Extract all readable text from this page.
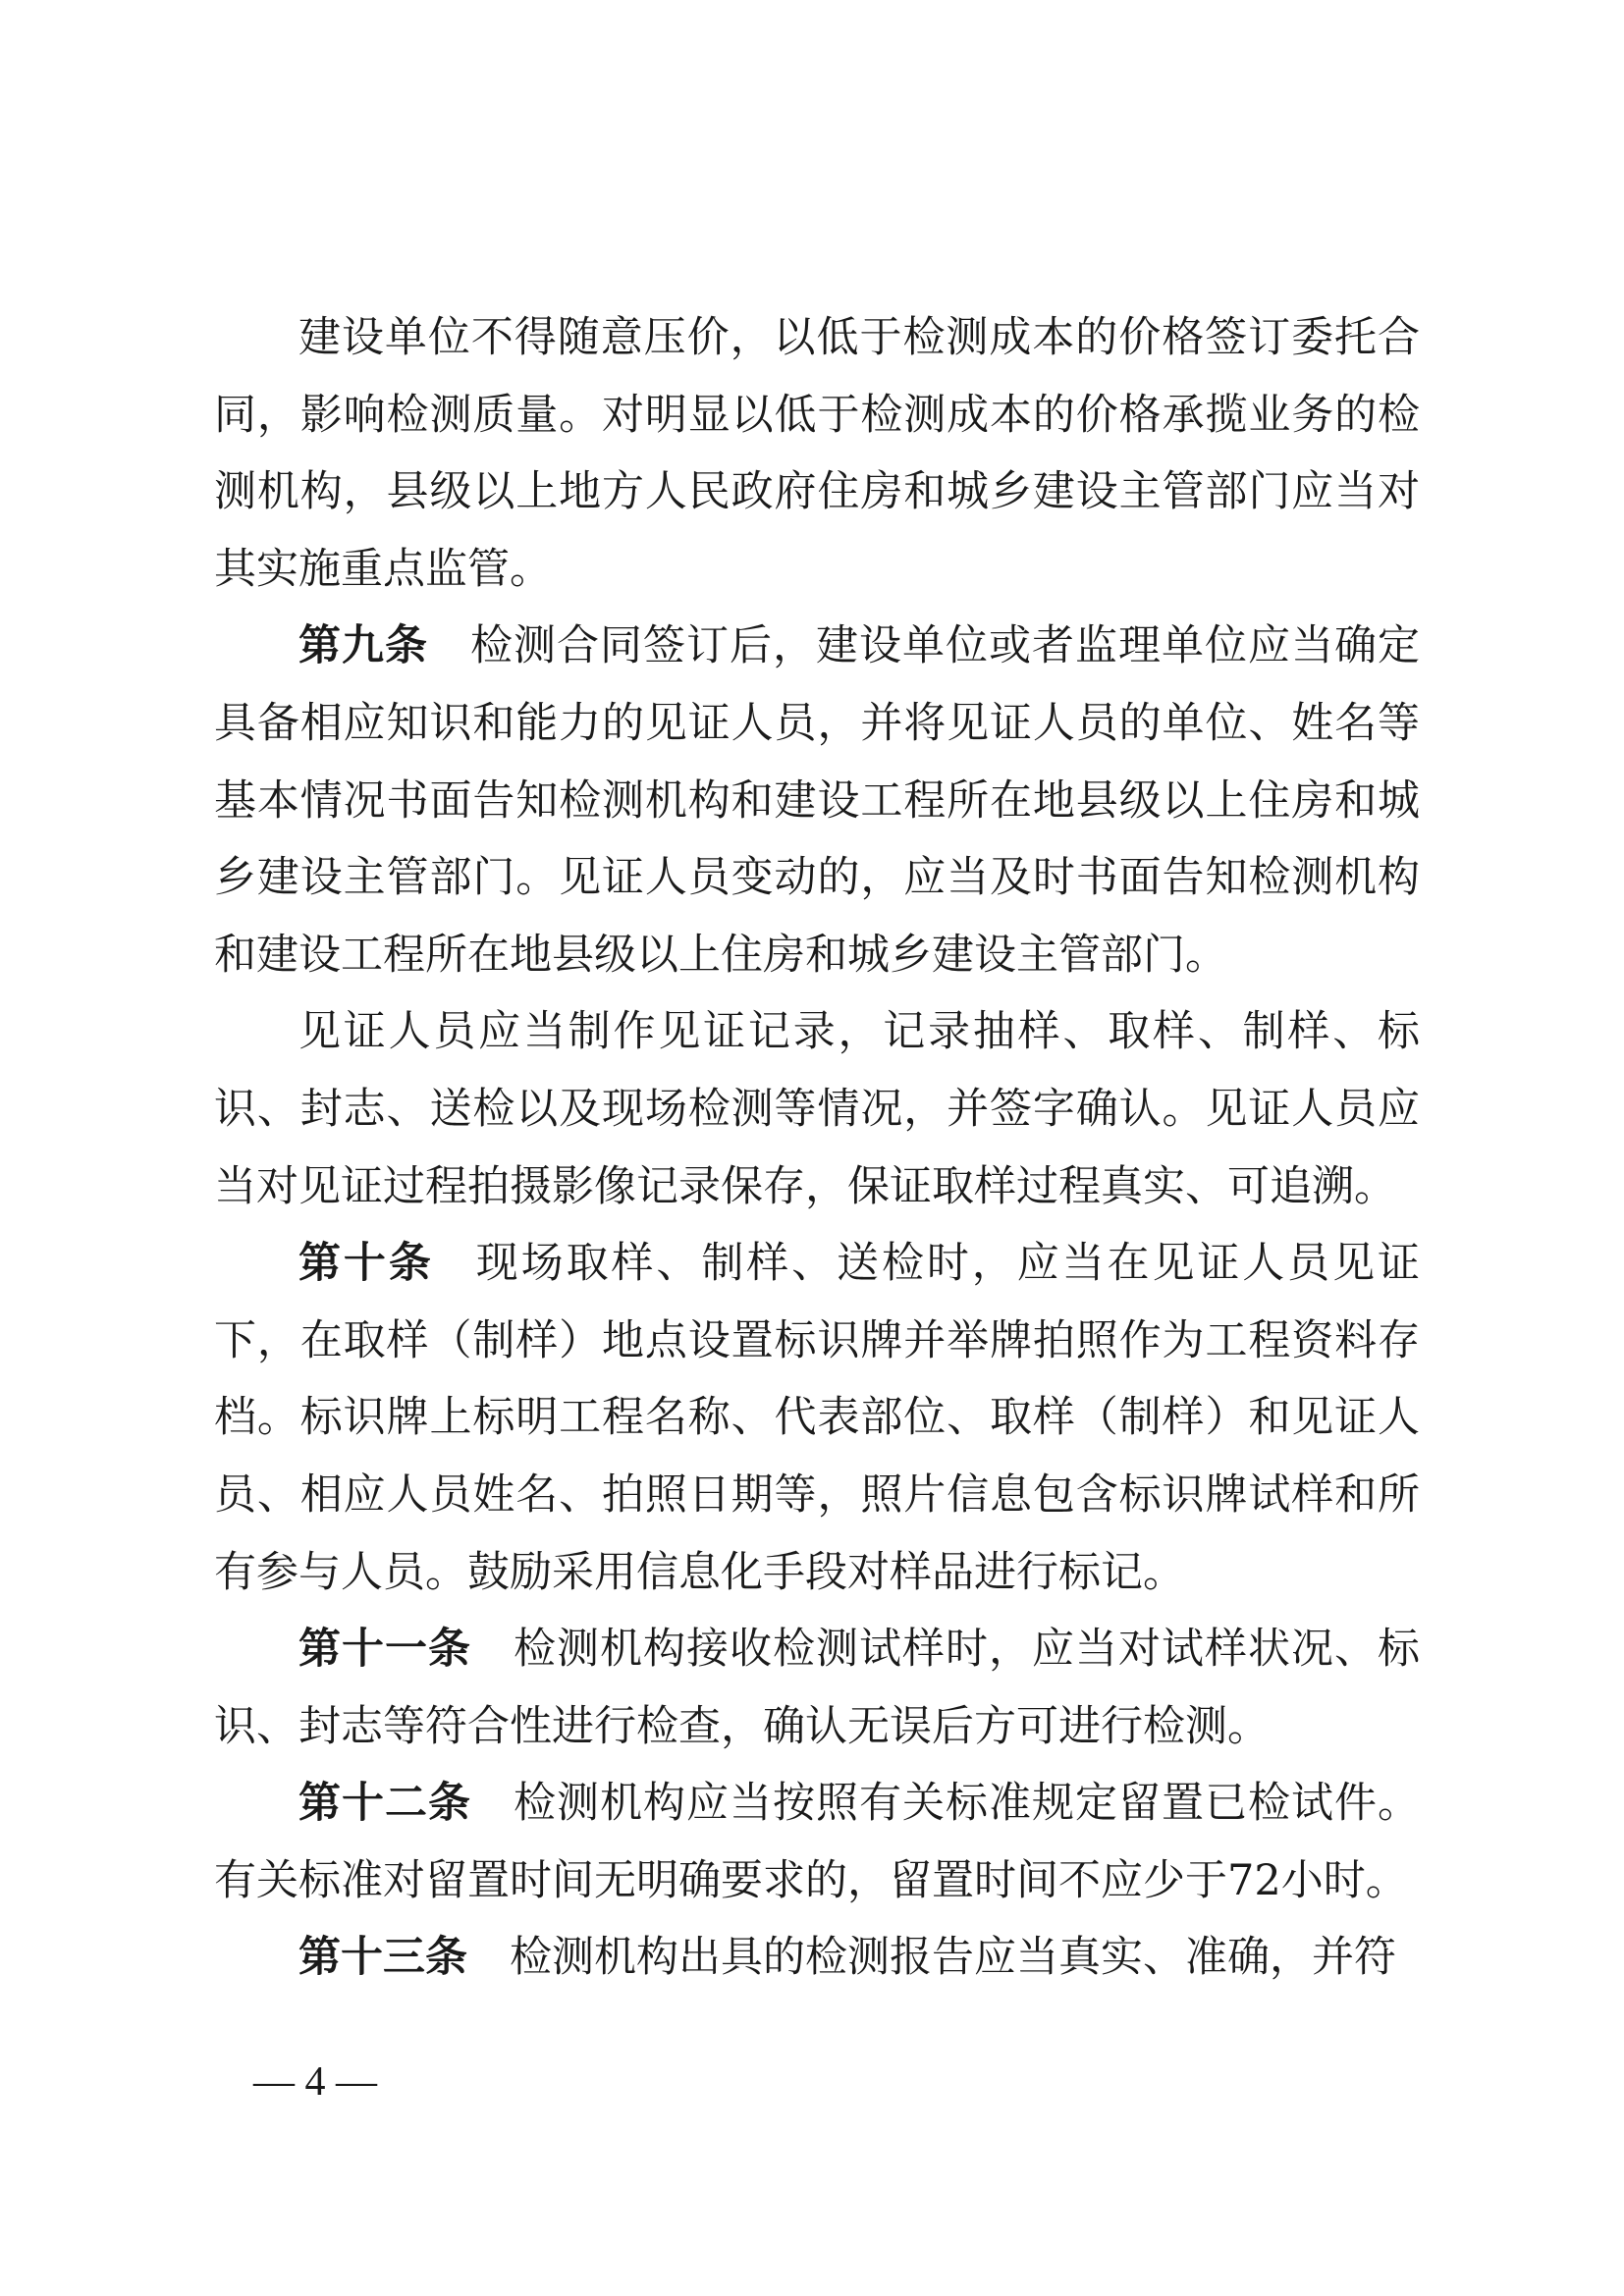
建设单位不得随意压价，以低于检测成本的价格签订委托合同，影响检测质量。对明显以低于检测成本的价格承揽业务的检测机构，县级以上地方人民政府住房和城乡建设主管部门应当对其实施重点监管。

第九条 检测合同签订后，建设单位或者监理单位应当确定具备相应知识和能力的见证人员，并将见证人员的单位、姓名等基本情况书面告知检测机构和建设工程所在地县级以上住房和城乡建设主管部门。见证人员变动的，应当及时书面告知检测机构和建设工程所在地县级以上住房和城乡建设主管部门。

见证人员应当制作见证记录，记录抽样、取样、制样、标识、封志、送检以及现场检测等情况，并签字确认。见证人员应当对见证过程拍摄影像记录保存，保证取样过程真实、可追溯。

第十条 现场取样、制样、送检时，应当在见证人员见证下，在取样（制样）地点设置标识牌并举牌拍照作为工程资料存档。标识牌上标明工程名称、代表部位、取样（制样）和见证人员、相应人员姓名、拍照日期等，照片信息包含标识牌试样和所有参与人员。鼓励采用信息化手段对样品进行标记。

第十一条 检测机构接收检测试样时，应当对试样状况、标识、封志等符合性进行检查，确认无误后方可进行检测。

第十二条 检测机构应当按照有关标准规定留置已检试件。有关标准对留置时间无明确要求的，留置时间不应少于72小时。

第十三条 检测机构出具的检测报告应当真实、准确，并符

— 4 —
